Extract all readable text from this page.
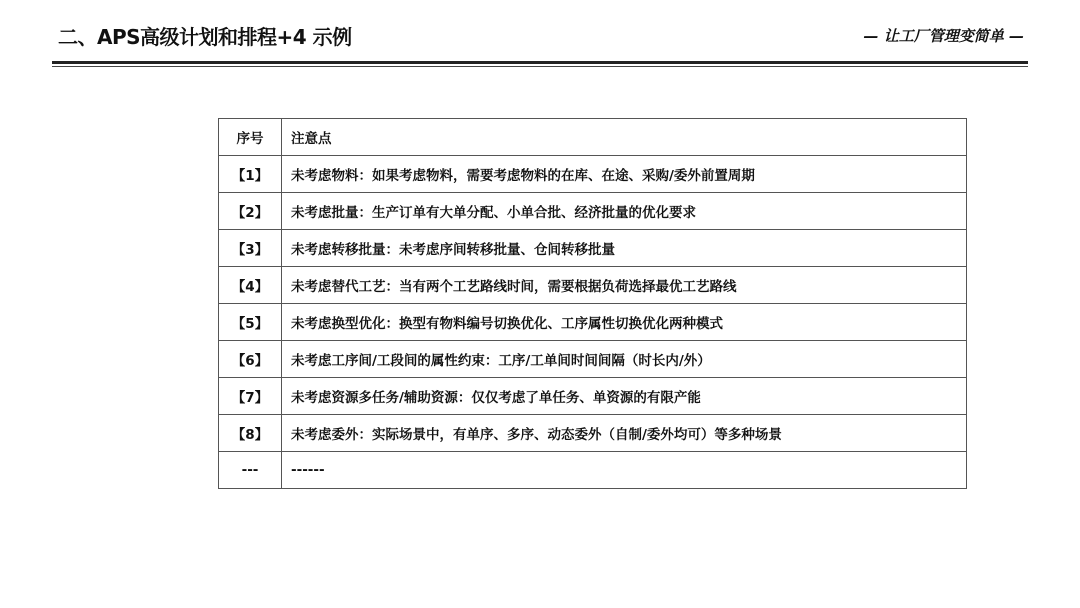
二、APS高级计划和排程+4 示例	— 让工厂管理变简单 —
序号	注意点
【1】	未考虑物料：如果考虑物料，需要考虑物料的在库、在途、采购/委外前置周期
【2】	未考虑批量：生产订单有大单分配、小单合批、经济批量的优化要求
【3】	未考虑转移批量：未考虑序间转移批量、仓间转移批量
【4】	未考虑替代工艺：当有两个工艺路线时间，需要根据负荷选择最优工艺路线
【5】	未考虑换型优化：换型有物料编号切换优化、工序属性切换优化两种模式
【6】	未考虑工序间/工段间的属性约束：工序/工单间时间间隔（时长内/外）
【7】	未考虑资源多任务/辅助资源：仅仅考虑了单任务、单资源的有限产能
【8】	未考虑委外：实际场景中，有单序、多序、动态委外（自制/委外均可）等多种场景
---	------
